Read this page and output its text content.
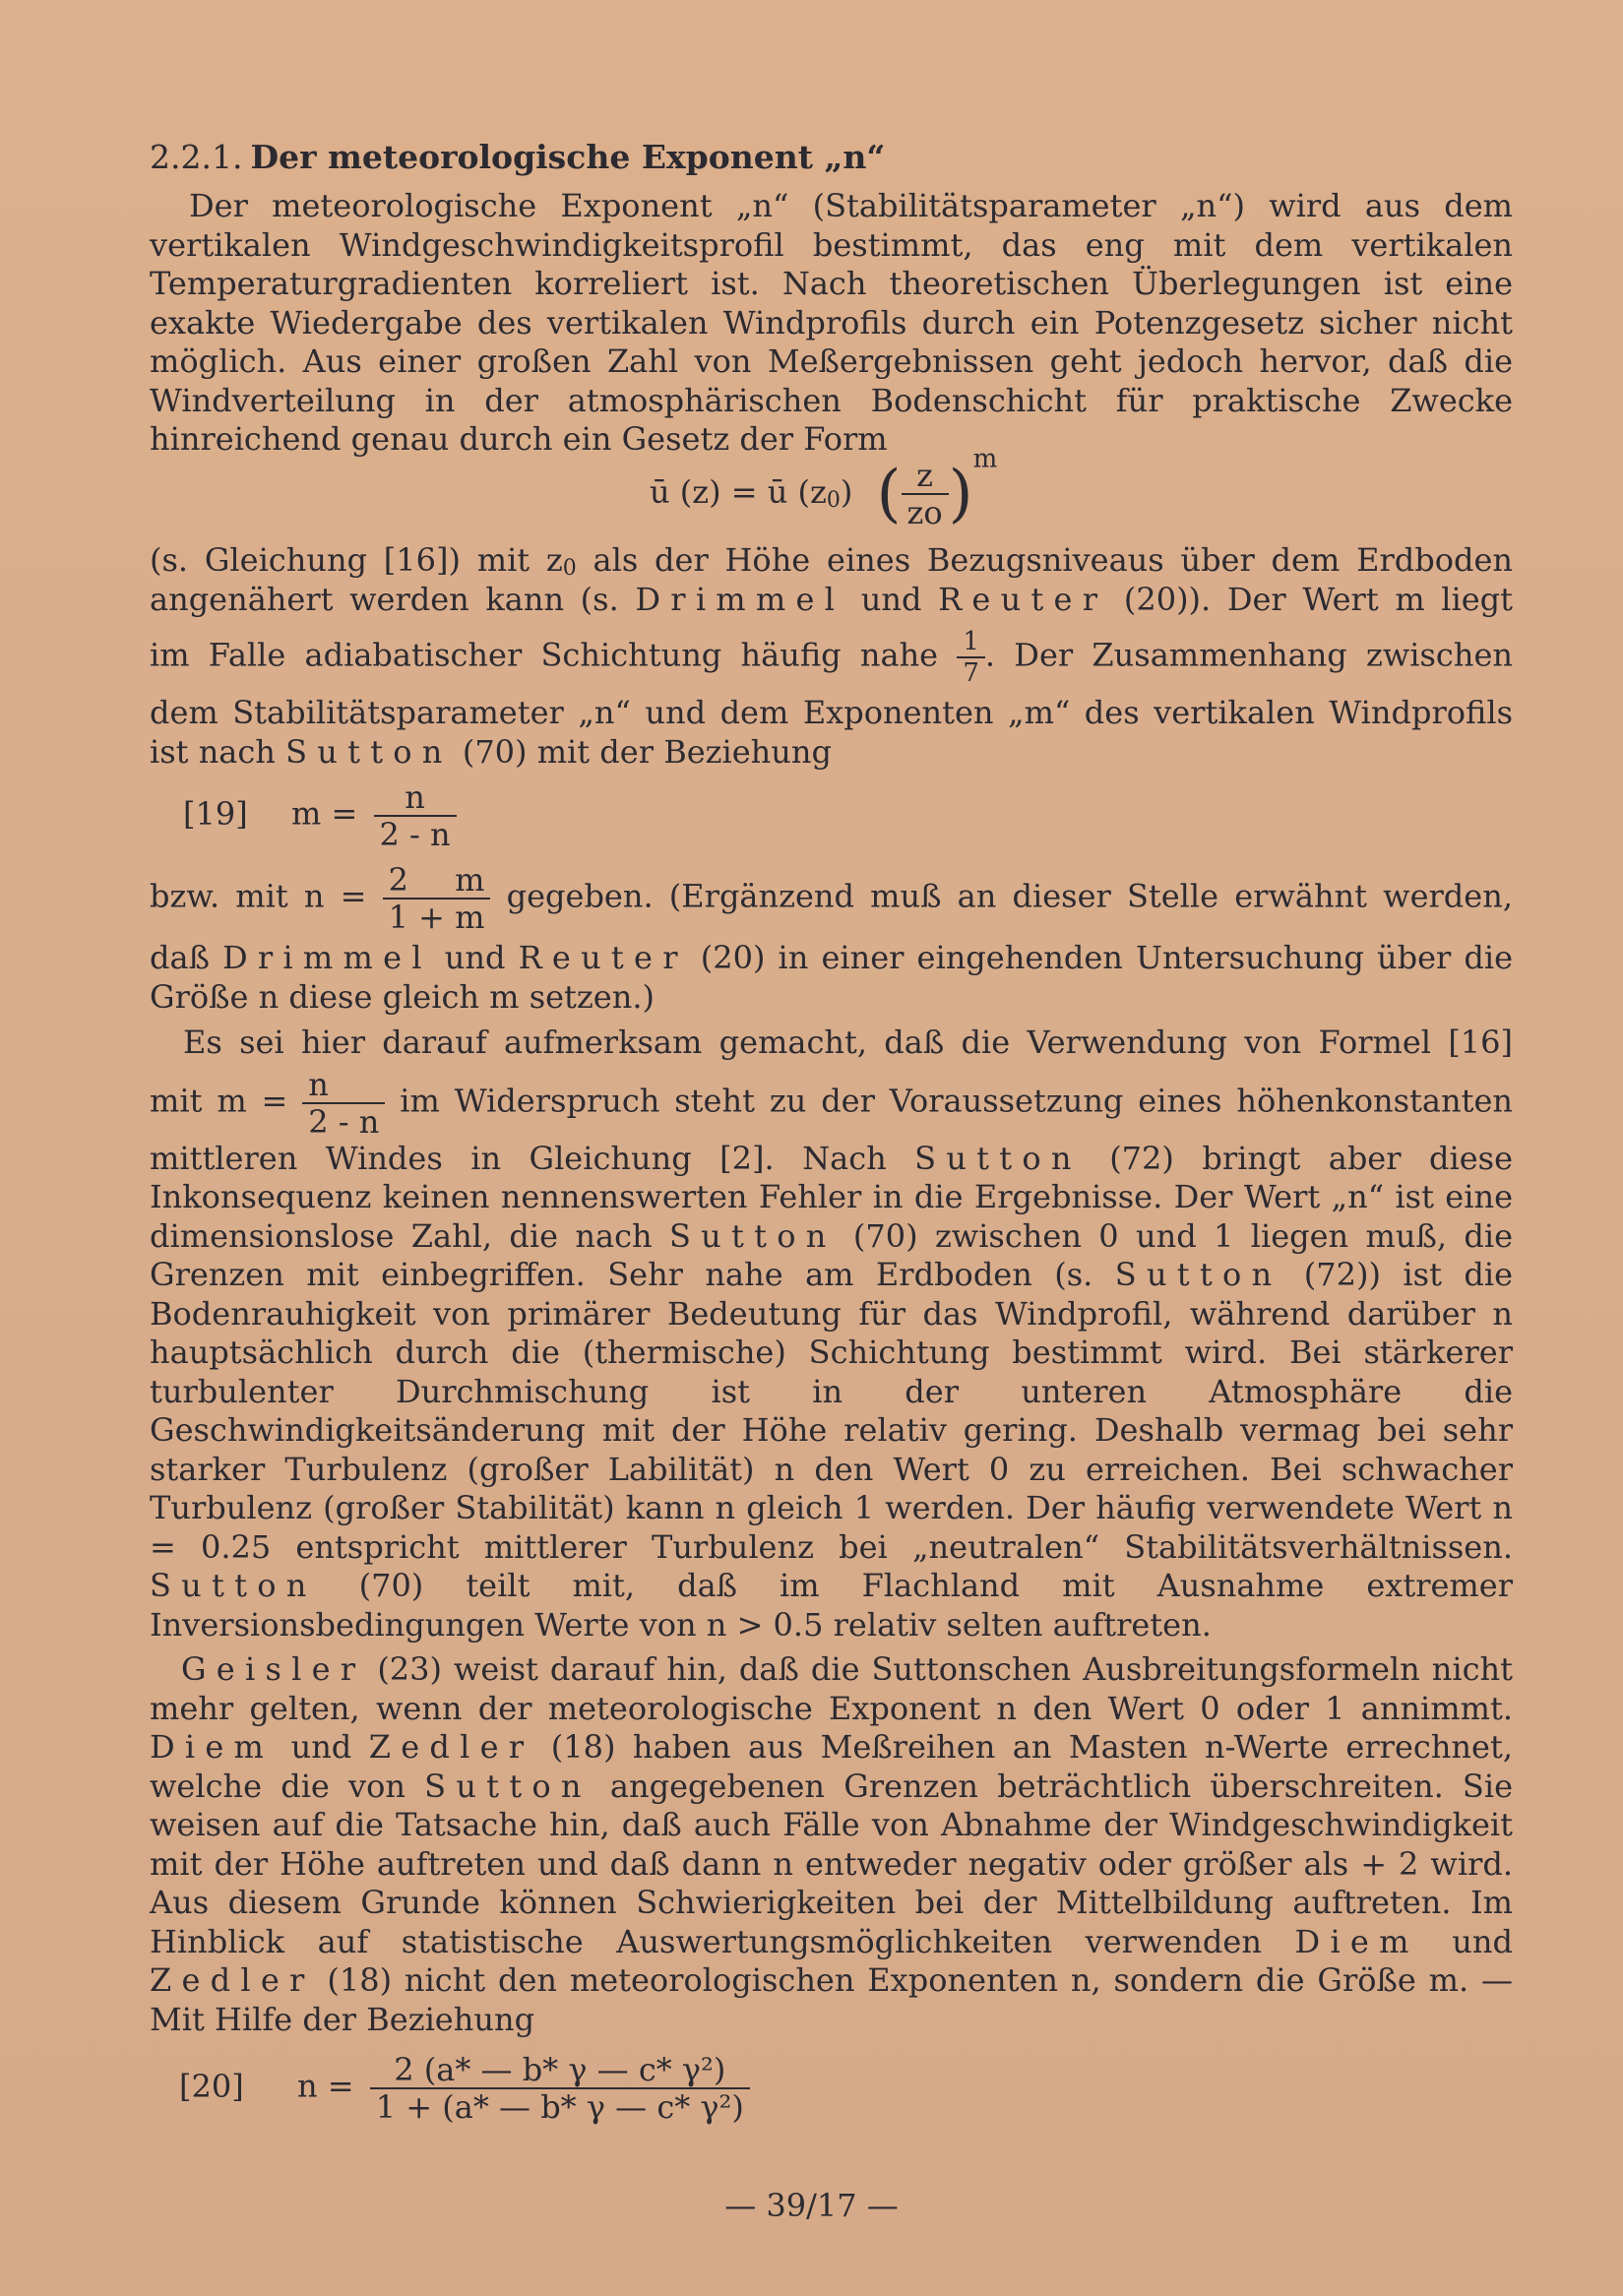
2.2.1. Der meteorologische Exponent „n“

Der meteorologische Exponent „n“ (Stabilitätsparameter „n“) wird aus dem vertikalen Windgeschwindigkeitsprofil bestimmt, das eng mit dem vertikalen Temperaturgradienten korreliert ist. Nach theoretischen Überlegungen ist eine exakte Wiedergabe des vertikalen Windprofils durch ein Potenzgesetz sicher nicht möglich. Aus einer großen Zahl von Meßergebnissen geht jedoch hervor, daß die Windverteilung in der atmosphärischen Bodenschicht für praktische Zwecke hinreichend genau durch ein Gesetz der Form

ū (z) = ū $(z_0)$ ( $\frac{z}{zo} )^m$

(s. Gleichung [16]) mit $z_0$ als der Höhe eines Bezugsniveaus über dem Erdboden angenähert werden kann (s. Drimmel und Reuter (20)). Der Wert m liegt

im Falle adiabatischer Schichtung häufig nahe $\frac{1}{7}$ . Der Zusammenhang zwischen

dem Stabilitätsparameter „n“ und dem Exponenten „m“ des vertikalen Windprofils ist nach Sutton (70) mit der Beziehung

[19] $m = \frac{n}{2 - n}$

bzw. mit $n = \frac{2 m}{1 + m}$ gegeben. (Ergänzend muß an dieser Stelle erwähnt werden,

daß Drimmel und Reuter (20) in einer eingehenden Untersuchung über die Größe n diese gleich m setzen.)

Es sei hier darauf aufmerksam gemacht, daß die Verwendung von Formel [16]

mit $m = \frac{n}{2 - n}$ im Widerspruch steht zu der Voraussetzung eines höhenkonstanten

mittleren Windes in Gleichung [2]. Nach Sutton (72) bringt aber diese Inkonsequenz keinen nennenswerten Fehler in die Ergebnisse. Der Wert „n“ ist eine dimensionslose Zahl, die nach Sutton (70) zwischen 0 und 1 liegen muß, die Grenzen mit einbegriffen. Sehr nahe am Erdboden (s. Sutton (72)) ist die Bodenrauhigkeit von primärer Bedeutung für das Windprofil, während darüber n hauptsächlich durch die (thermische) Schichtung bestimmt wird. Bei stärkerer turbulenter Durchmischung ist in der unteren Atmosphäre die Geschwindigkeitsänderung mit der Höhe relativ gering. Deshalb vermag bei sehr starker Turbulenz (großer Labilität) n den Wert 0 zu erreichen. Bei schwacher Turbulenz (großer Stabilität) kann n gleich 1 werden. Der häufig verwendete Wert n = 0.25 entspricht mittlerer Turbulenz bei „neutralen“ Stabilitätsverhältnissen. Sutton (70) teilt mit, daß im Flachland mit Ausnahme extremer Inversionsbedingungen Werte von n > 0.5 relativ selten auftreten.

Geisler (23) weist darauf hin, daß die Suttonschen Ausbreitungsformeln nicht mehr gelten, wenn der meteorologische Exponent n den Wert 0 oder 1 annimmt. Diem und Zedler (18) haben aus Meßreihen an Masten n-Werte errechnet, welche die von Sutton angegebenen Grenzen beträchtlich überschreiten. Sie weisen auf die Tatsache hin, daß auch Fälle von Abnahme der Windgeschwindigkeit mit der Höhe auftreten und daß dann n entweder negativ oder größer als + 2 wird. Aus diesem Grunde können Schwierigkeiten bei der Mittelbildung auftreten. Im Hinblick auf statistische Auswertungsmöglichkeiten verwenden Diem und Zedler (18) nicht den meteorologischen Exponenten n, sondern die Größe m. — Mit Hilfe der Beziehung

[20] $n = \frac{\text{2 (a* — b* γ — c* γ²)}}{\text{1 + (a* — b* γ — c* γ²)}}$
— 39/17 —
